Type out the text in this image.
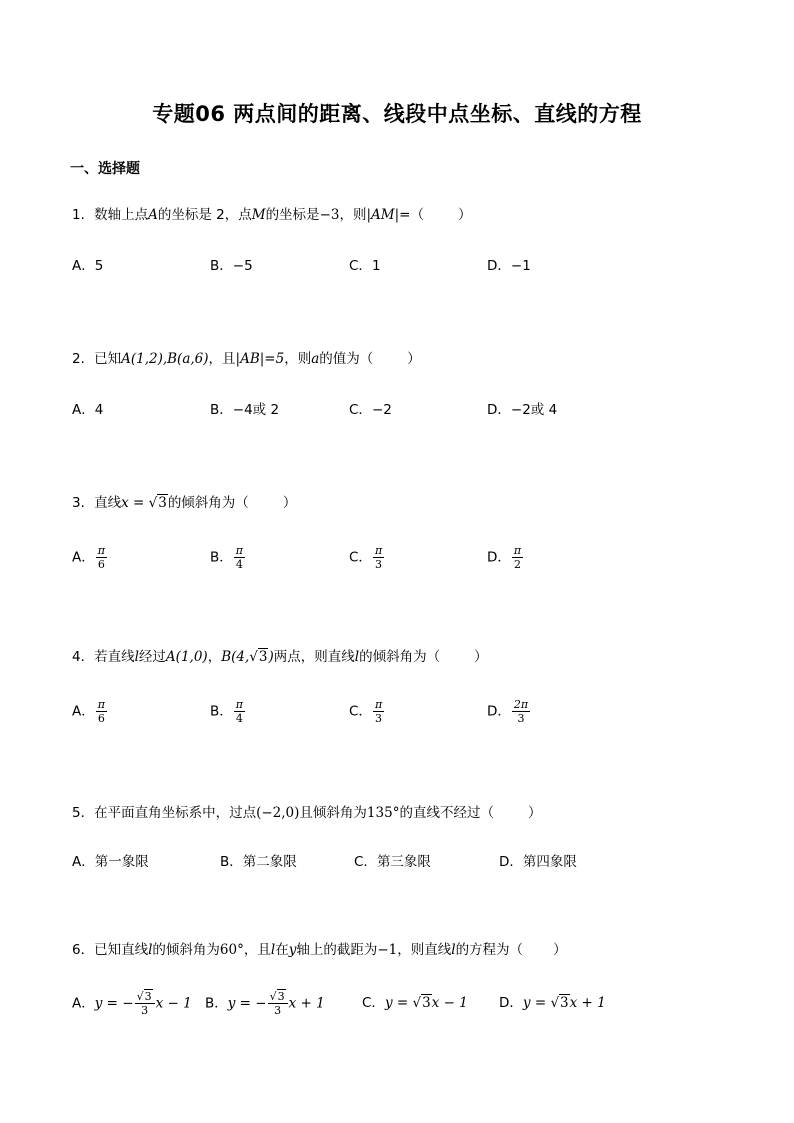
专题06 两点间的距离、线段中点坐标、直线的方程
一、选择题
1．数轴上点A的坐标是 2，点M的坐标是−3，则|AM|=（	）
A．5	B．−5	C．1	D．−1
2．已知A(1,2),B(a,6)，且|AB|=5，则a的值为（	）
A．4	B．−4或 2	C．−2	D．−2或 4
3．直线x = √3的倾斜角为（	）
A． $\frac{\pi}{6}$	B． $\frac{\pi}{4}$	C． $\frac{\pi}{3}$	D． $\frac{\pi}{2}$
4．若直线l经过A(1,0)，B(4,√3)两点，则直线l的倾斜角为（	）
A． $\frac{\pi}{6}$	B． $\frac{\pi}{4}$	C． $\frac{\pi}{3}$	D． $\frac{2\pi}{3}$
5．在平面直角坐标系中，过点(−2,0)且倾斜角为135°的直线不经过（	）
A．第一象限	B．第二象限	C．第三象限	D．第四象限
6．已知直线l的倾斜角为60°，且l在y轴上的截距为−1，则直线l的方程为（ ）
A．y = − $\frac{√3}{3}$ x − 1 B．y = − $\frac{√3}{3}$ x + 1	C．y = √3x − 1 D．y = √3x + 1
